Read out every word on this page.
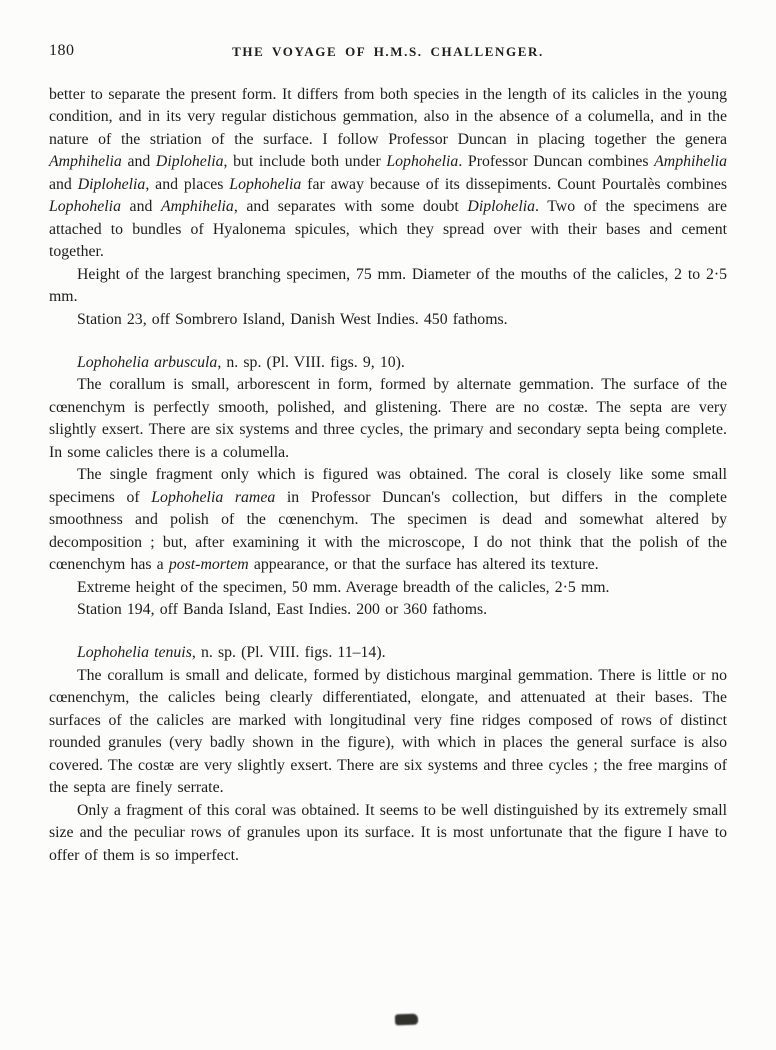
180	THE VOYAGE OF H.M.S. CHALLENGER.

better to separate the present form. It differs from both species in the length of its calicles in the young condition, and in its very regular distichous gemmation, also in the absence of a columella, and in the nature of the striation of the surface. I follow Professor Duncan in placing together the genera Amphihelia and Diplohelia, but include both under Lophohelia. Professor Duncan combines Amphihelia and Diplohelia, and places Lophohelia far away because of its dissepiments. Count Pourtalès combines Lophohelia and Amphihelia, and separates with some doubt Diplohelia. Two of the specimens are attached to bundles of Hyalonema spicules, which they spread over with their bases and cement together.

Height of the largest branching specimen, 75 mm. Diameter of the mouths of the calicles, 2 to 2·5 mm.

Station 23, off Sombrero Island, Danish West Indies. 450 fathoms.

Lophohelia arbuscula, n. sp. (Pl. VIII. figs. 9, 10).

The corallum is small, arborescent in form, formed by alternate gemmation. The surface of the cœnenchym is perfectly smooth, polished, and glistening. There are no costæ. The septa are very slightly exsert. There are six systems and three cycles, the primary and secondary septa being complete. In some calicles there is a columella.

The single fragment only which is figured was obtained. The coral is closely like some small specimens of Lophohelia ramea in Professor Duncan's collection, but differs in the complete smoothness and polish of the cœnenchym. The specimen is dead and somewhat altered by decomposition ; but, after examining it with the microscope, I do not think that the polish of the cœnenchym has a post-mortem appearance, or that the surface has altered its texture.

Extreme height of the specimen, 50 mm. Average breadth of the calicles, 2·5 mm.

Station 194, off Banda Island, East Indies. 200 or 360 fathoms.

Lophohelia tenuis, n. sp. (Pl. VIII. figs. 11–14).

The corallum is small and delicate, formed by distichous marginal gemmation. There is little or no cœnenchym, the calicles being clearly differentiated, elongate, and attenuated at their bases. The surfaces of the calicles are marked with longitudinal very fine ridges composed of rows of distinct rounded granules (very badly shown in the figure), with which in places the general surface is also covered. The costæ are very slightly exsert. There are six systems and three cycles ; the free margins of the septa are finely serrate.

Only a fragment of this coral was obtained. It seems to be well distinguished by its extremely small size and the peculiar rows of granules upon its surface. It is most unfortunate that the figure I have to offer of them is so imperfect.
